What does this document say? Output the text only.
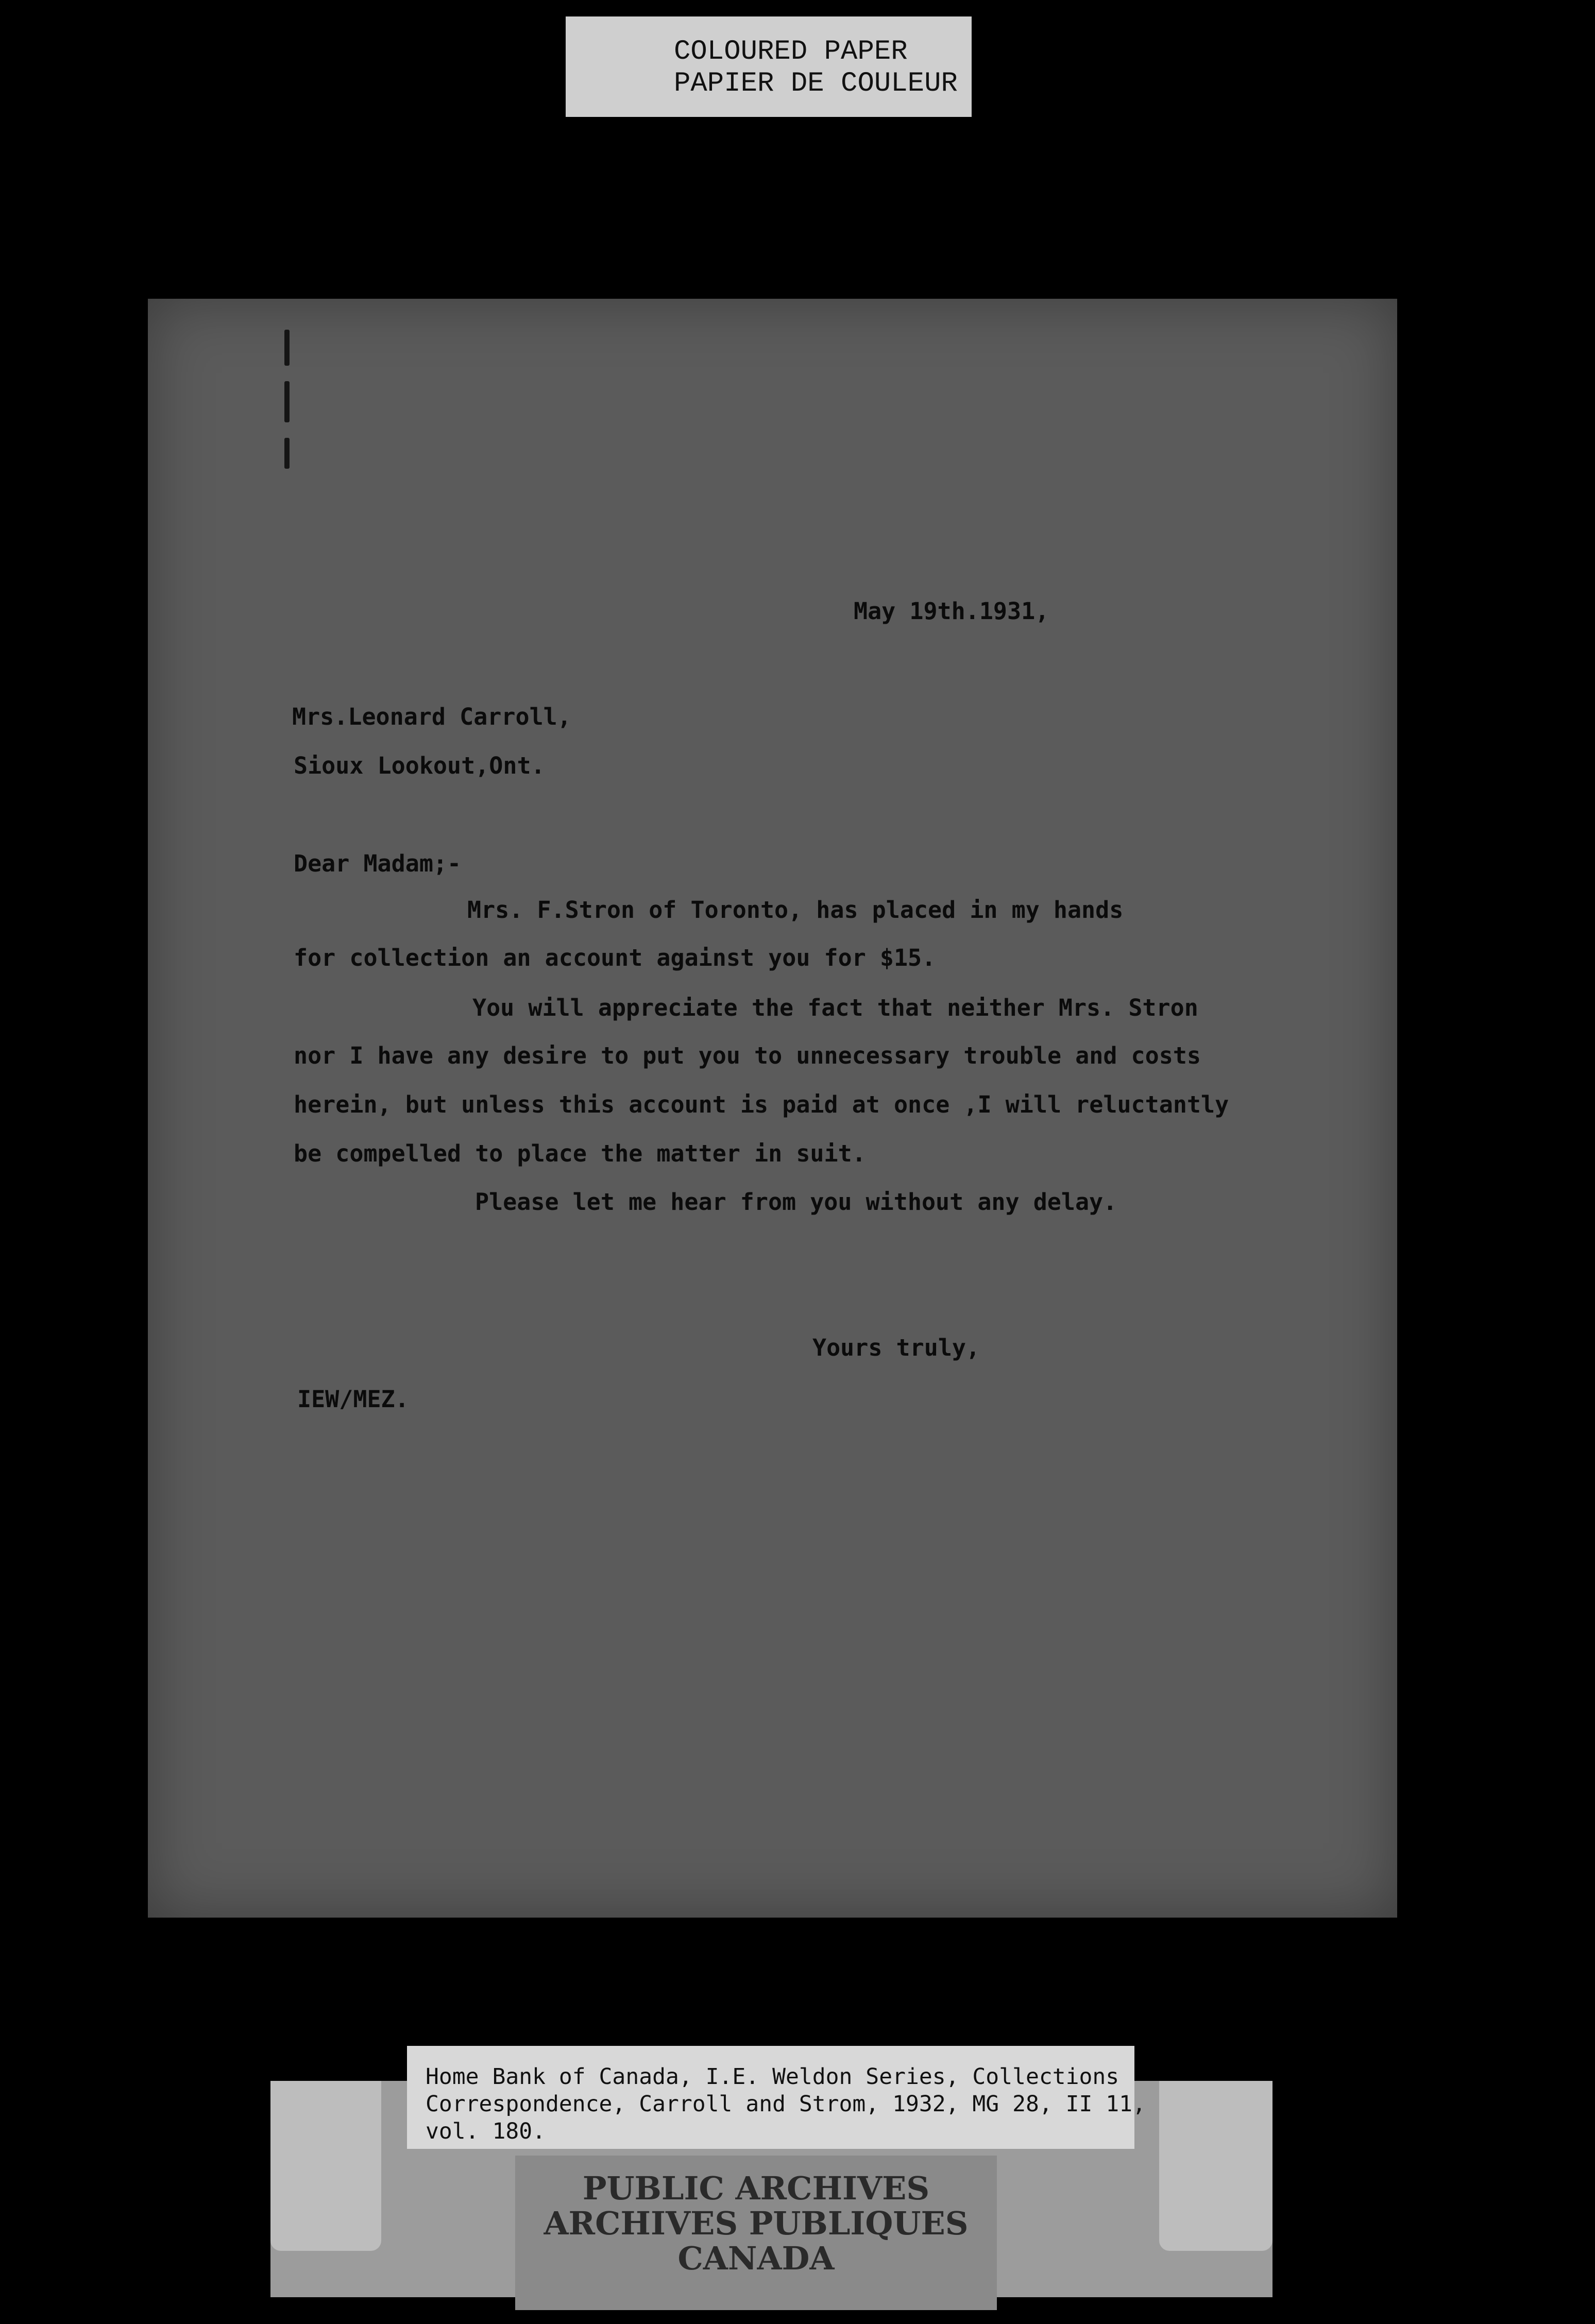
COLOURED PAPER
PAPIER DE COULEUR
May 19th.1931,
Mrs.Leonard Carroll,
Sioux Lookout,Ont.
Dear Madam;-
Mrs. F.Stron of Toronto, has placed in my hands
for collection an account against you for $15.
You will appreciate the fact that neither Mrs. Stron
nor I have any desire to put you to unnecessary trouble and costs
herein, but unless this account is paid at once ,I will reluctantly
be compelled to place the matter in suit.
Please let me hear from you without any delay.
Yours truly,
IEW/MEZ.
Home Bank of Canada, I.E. Weldon Series, Collections
Correspondence, Carroll and Strom, 1932, MG 28, II 11,
vol. 180.
PUBLIC ARCHIVES
ARCHIVES PUBLIQUES
CANADA
